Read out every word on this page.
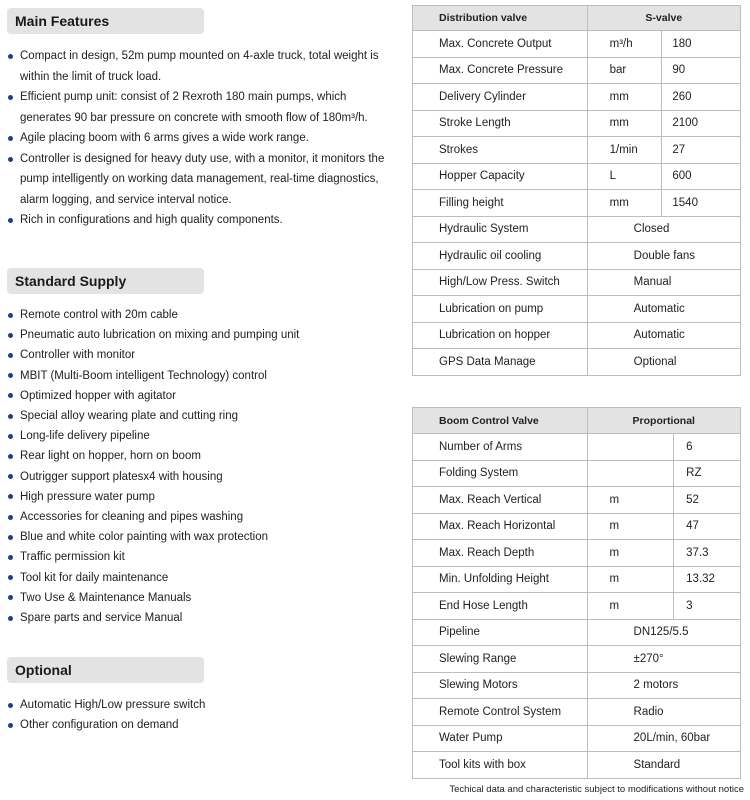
Main Features
Compact in design, 52m pump mounted on 4-axle truck, total weight is within the limit of truck load.
Efficient pump unit: consist of 2 Rexroth 180 main pumps, which generates 90 bar pressure on concrete with smooth flow of 180m³/h.
Agile placing boom with 6 arms gives a wide work range.
Controller is designed for heavy duty use, with a monitor, it monitors the pump intelligently on working data management, real-time diagnostics, alarm logging, and service interval notice.
Rich in configurations and high quality components.
Standard Supply
Remote control with 20m cable
Pneumatic auto lubrication on mixing and pumping unit
Controller with monitor
MBIT (Multi-Boom intelligent Technology) control
Optimized hopper with agitator
Special alloy wearing plate and cutting ring
Long-life delivery pipeline
Rear light on hopper, horn on boom
Outrigger support platesx4 with housing
High pressure water pump
Accessories for cleaning and pipes washing
Blue and white color painting with wax protection
Traffic permission kit
Tool kit for daily maintenance
Two Use & Maintenance Manuals
Spare parts and service Manual
Optional
Automatic High/Low pressure switch
Other configuration on demand
Distribution valve	S-valve	
Max. Concrete Output	m³/h	180
Max. Concrete Pressure	bar	90
Delivery Cylinder	mm	260
Stroke Length	mm	2100
Strokes	1/min	27
Hopper Capacity	L	600
Filling height	mm	1540
Hydraulic System	Closed	
Hydraulic oil cooling	Double fans	
High/Low Press. Switch	Manual	
Lubrication on pump	Automatic	
Lubrication on hopper	Automatic	
GPS Data Manage	Optional	
Boom Control Valve	Proportional	
Number of Arms		6
Folding System		RZ
Max. Reach Vertical	m	52
Max. Reach Horizontal	m	47
Max. Reach Depth	m	37.3
Min. Unfolding Height	m	13.32
End Hose Length	m	3
Pipeline	DN125/5.5	
Slewing Range	±270°	
Slewing Motors	2 motors	
Remote Control System	Radio	
Water Pump	20L/min, 60bar	
Tool kits with box	Standard	
Techical data and characteristic subject to modifications without notice
